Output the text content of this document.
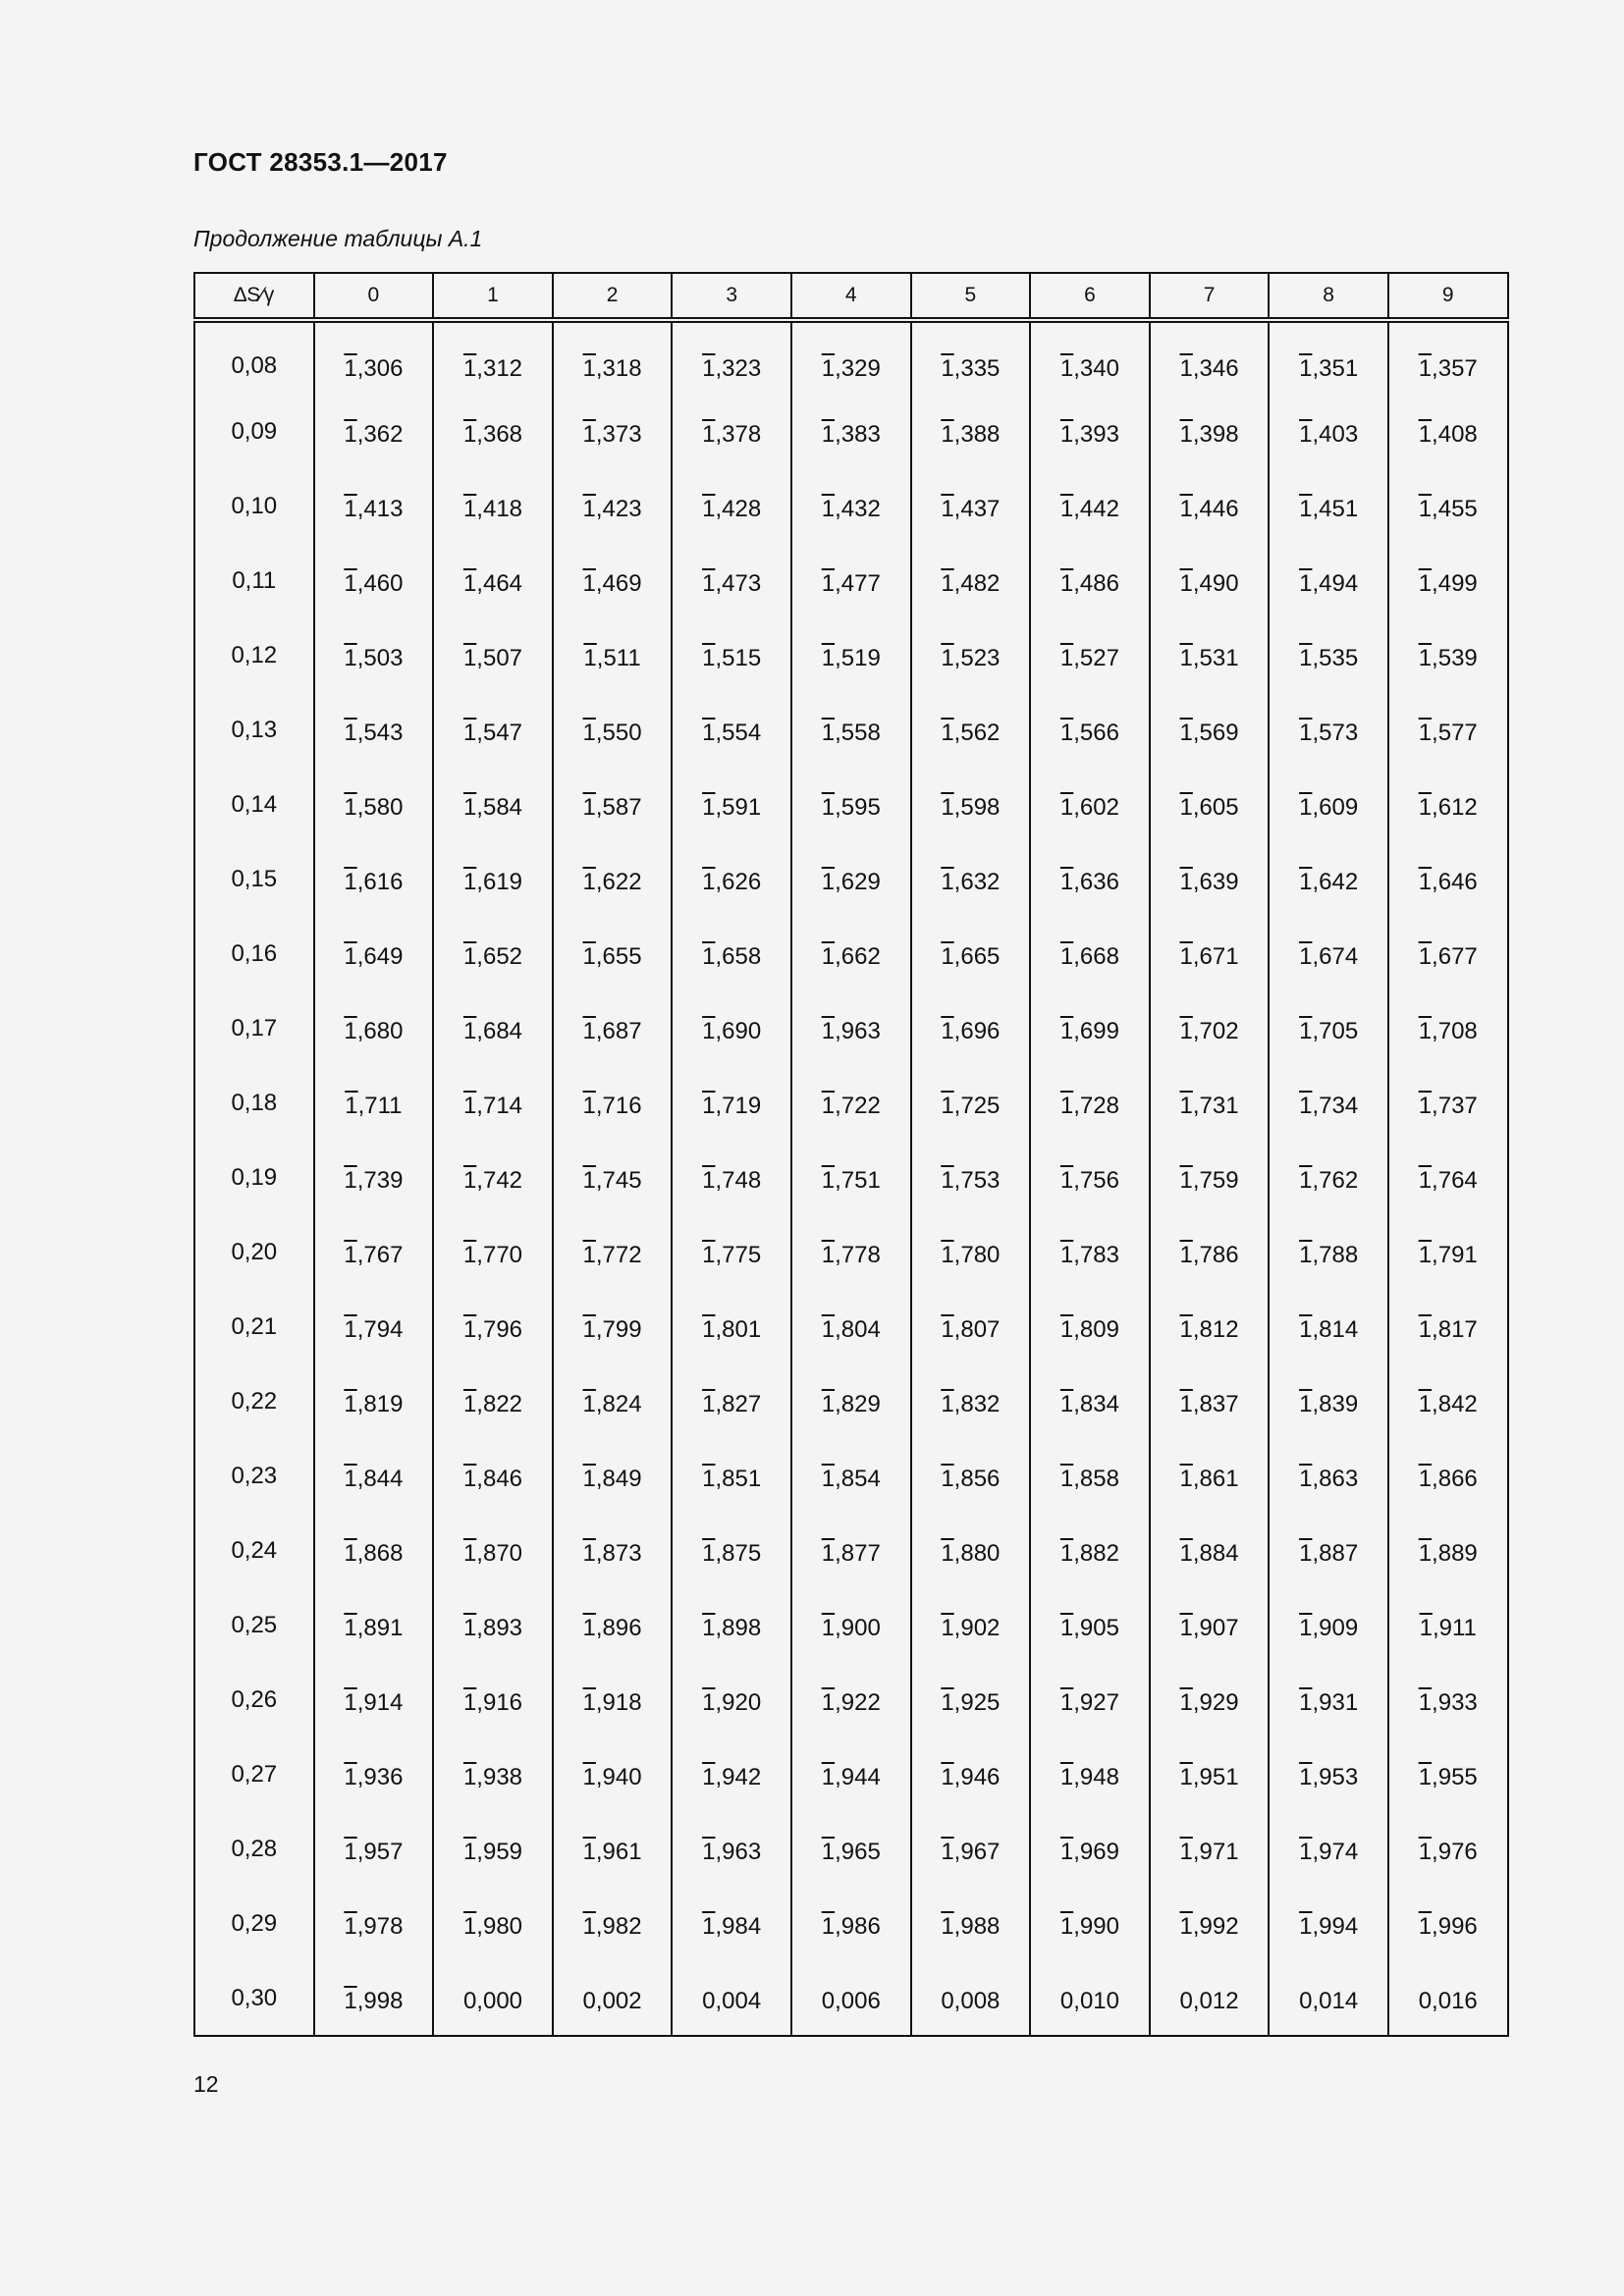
ГОСТ 28353.1—2017
Продолжение таблицы А.1
∆S⁄γ	0	1	2	3	4	5	6	7	8	9
0,08	1,306	1,312	1,318	1,323	1,329	1,335	1,340	1,346	1,351	1,357
0,09	1,362	1,368	1,373	1,378	1,383	1,388	1,393	1,398	1,403	1,408
0,10	1,413	1,418	1,423	1,428	1,432	1,437	1,442	1,446	1,451	1,455
0,11	1,460	1,464	1,469	1,473	1,477	1,482	1,486	1,490	1,494	1,499
0,12	1,503	1,507	1,511	1,515	1,519	1,523	1,527	1,531	1,535	1,539
0,13	1,543	1,547	1,550	1,554	1,558	1,562	1,566	1,569	1,573	1,577
0,14	1,580	1,584	1,587	1,591	1,595	1,598	1,602	1,605	1,609	1,612
0,15	1,616	1,619	1,622	1,626	1,629	1,632	1,636	1,639	1,642	1,646
0,16	1,649	1,652	1,655	1,658	1,662	1,665	1,668	1,671	1,674	1,677
0,17	1,680	1,684	1,687	1,690	1,963	1,696	1,699	1,702	1,705	1,708
0,18	1,711	1,714	1,716	1,719	1,722	1,725	1,728	1,731	1,734	1,737
0,19	1,739	1,742	1,745	1,748	1,751	1,753	1,756	1,759	1,762	1,764
0,20	1,767	1,770	1,772	1,775	1,778	1,780	1,783	1,786	1,788	1,791
0,21	1,794	1,796	1,799	1,801	1,804	1,807	1,809	1,812	1,814	1,817
0,22	1,819	1,822	1,824	1,827	1,829	1,832	1,834	1,837	1,839	1,842
0,23	1,844	1,846	1,849	1,851	1,854	1,856	1,858	1,861	1,863	1,866
0,24	1,868	1,870	1,873	1,875	1,877	1,880	1,882	1,884	1,887	1,889
0,25	1,891	1,893	1,896	1,898	1,900	1,902	1,905	1,907	1,909	1,911
0,26	1,914	1,916	1,918	1,920	1,922	1,925	1,927	1,929	1,931	1,933
0,27	1,936	1,938	1,940	1,942	1,944	1,946	1,948	1,951	1,953	1,955
0,28	1,957	1,959	1,961	1,963	1,965	1,967	1,969	1,971	1,974	1,976
0,29	1,978	1,980	1,982	1,984	1,986	1,988	1,990	1,992	1,994	1,996
0,30	1,998	0,000	0,002	0,004	0,006	0,008	0,010	0,012	0,014	0,016
12
